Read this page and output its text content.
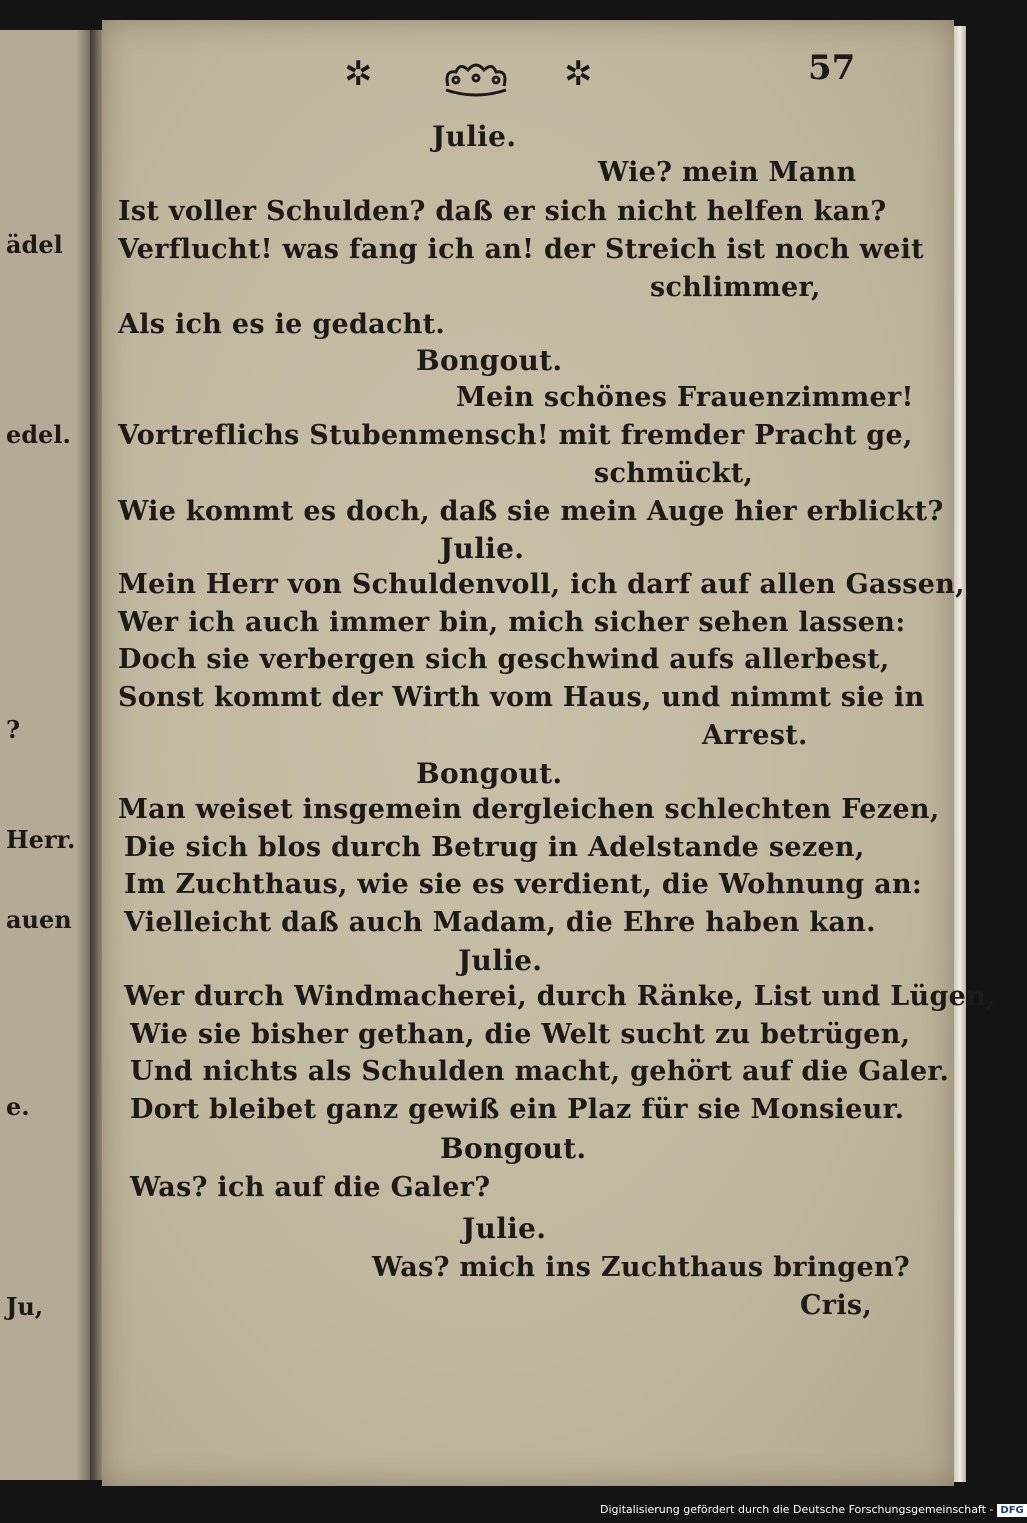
ädel
edel.
?
Herr.
auen
e.
Ju,
✲	✲	57
Julie.
Wie? mein Mann
Ist voller Schulden? daß er sich nicht helfen kan?
Verflucht! was fang ich an! der Streich ist noch weit
schlimmer,
Als ich es ie gedacht.
Bongout.
Mein schönes Frauenzimmer!
Vortreflichs Stubenmensch! mit fremder Pracht ge,
schmückt,
Wie kommt es doch, daß sie mein Auge hier erblickt?
Julie.
Mein Herr von Schuldenvoll, ich darf auf allen Gassen,
Wer ich auch immer bin, mich sicher sehen lassen:
Doch sie verbergen sich geschwind aufs allerbest,
Sonst kommt der Wirth vom Haus, und nimmt sie in
Arrest.
Bongout.
Man weiset insgemein dergleichen schlechten Fezen,
Die sich blos durch Betrug in Adelstande sezen,
Im Zuchthaus, wie sie es verdient, die Wohnung an:
Vielleicht daß auch Madam, die Ehre haben kan.
Julie.
Wer durch Windmacherei, durch Ränke, List und Lügen,
Wie sie bisher gethan, die Welt sucht zu betrügen,
Und nichts als Schulden macht, gehört auf die Galer.
Dort bleibet ganz gewiß ein Plaz für sie Monsieur.
Bongout.
Was? ich auf die Galer?
Julie.
Was? mich ins Zuchthaus bringen?
Cris,
Digitalisierung gefördert durch die Deutsche Forschungsgemeinschaft - DFG
